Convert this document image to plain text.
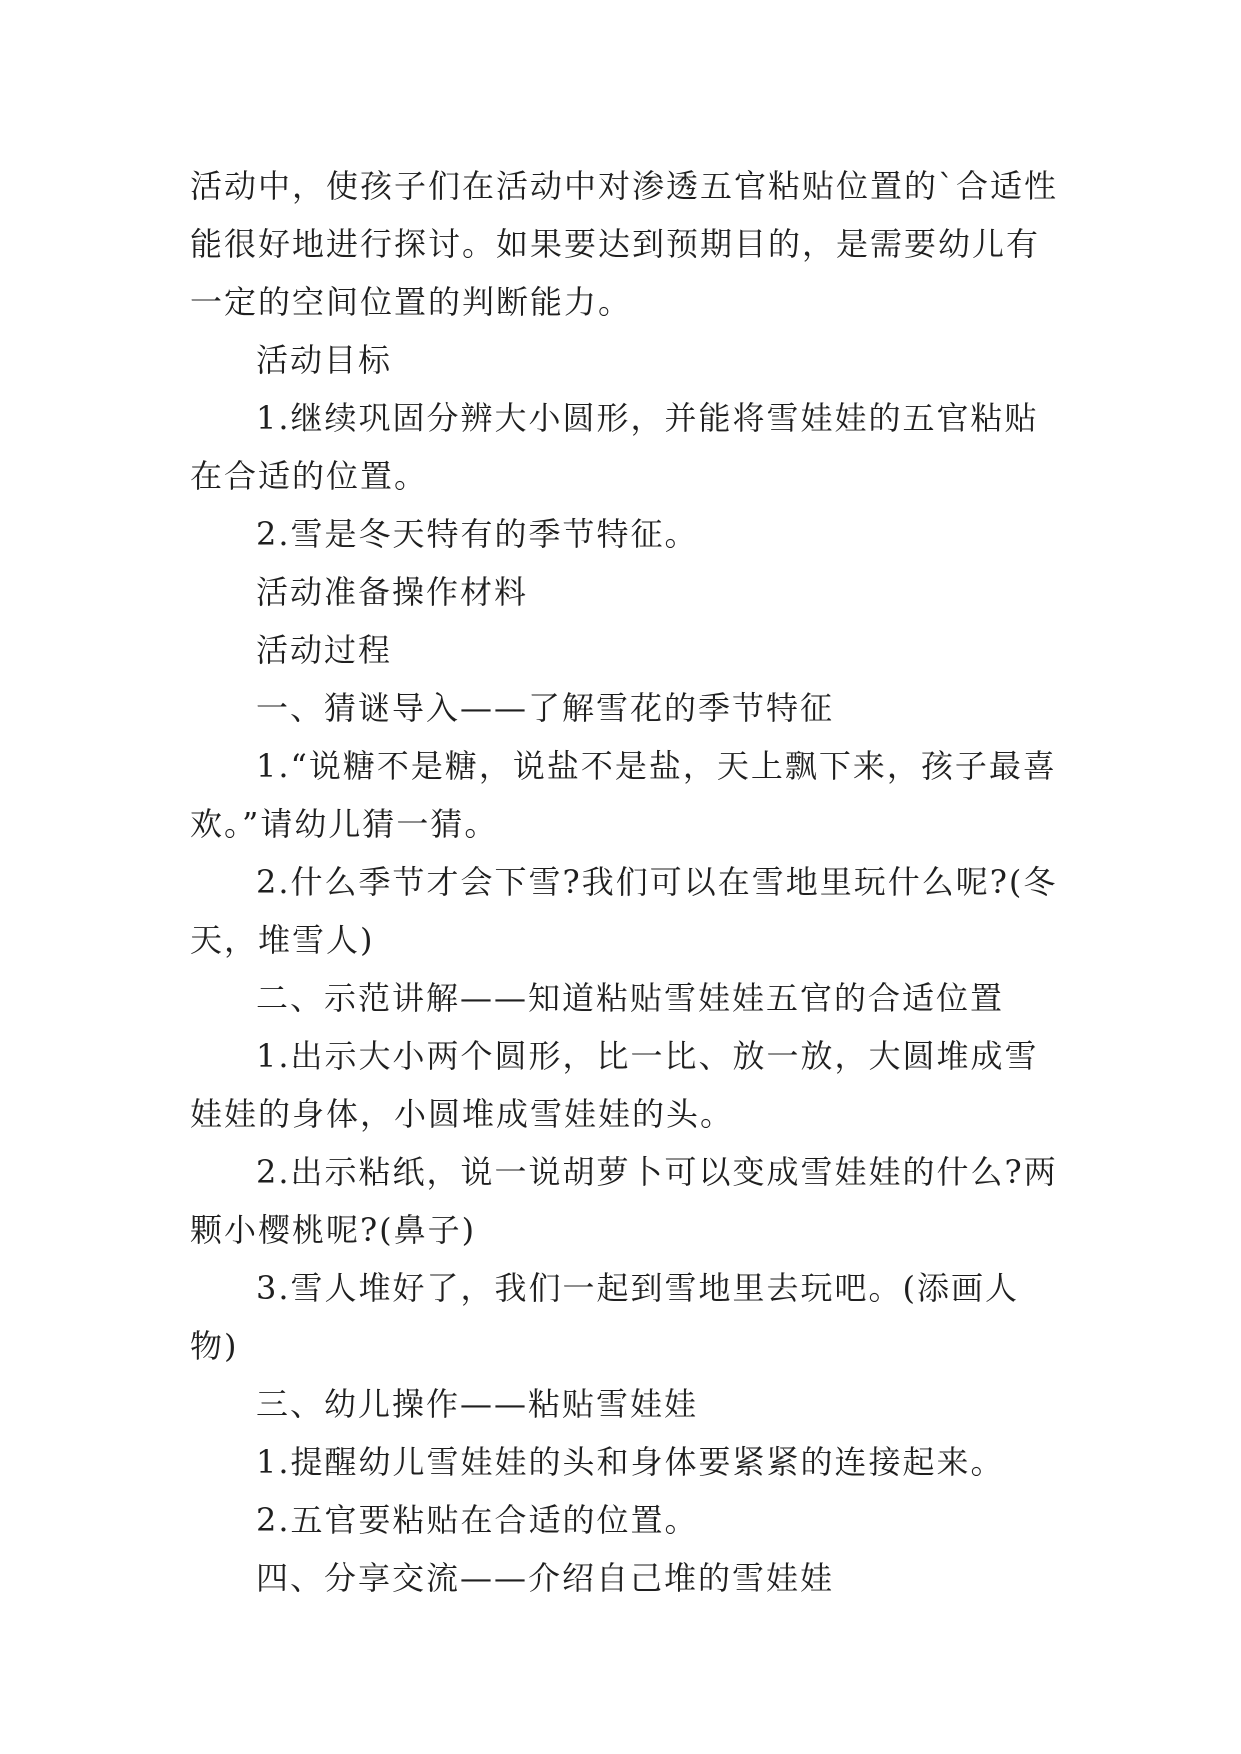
活动中，使孩子们在活动中对渗透五官粘贴位置的`合适性能很好地进行探讨。如果要达到预期目的，是需要幼儿有一定的空间位置的判断能力。

活动目标

1.继续巩固分辨大小圆形，并能将雪娃娃的五官粘贴在合适的位置。

2.雪是冬天特有的季节特征。

活动准备操作材料

活动过程

一、猜谜导入——了解雪花的季节特征

1.“说糖不是糖，说盐不是盐，天上飘下来，孩子最喜欢。”请幼儿猜一猜。

2.什么季节才会下雪?我们可以在雪地里玩什么呢?(冬天，堆雪人)

二、示范讲解——知道粘贴雪娃娃五官的合适位置

1.出示大小两个圆形，比一比、放一放，大圆堆成雪娃娃的身体，小圆堆成雪娃娃的头。

2.出示粘纸，说一说胡萝卜可以变成雪娃娃的什么?两颗小樱桃呢?(鼻子)

3.雪人堆好了，我们一起到雪地里去玩吧。(添画人物)

三、幼儿操作——粘贴雪娃娃

1.提醒幼儿雪娃娃的头和身体要紧紧的连接起来。

2.五官要粘贴在合适的位置。

四、分享交流——介绍自己堆的雪娃娃
